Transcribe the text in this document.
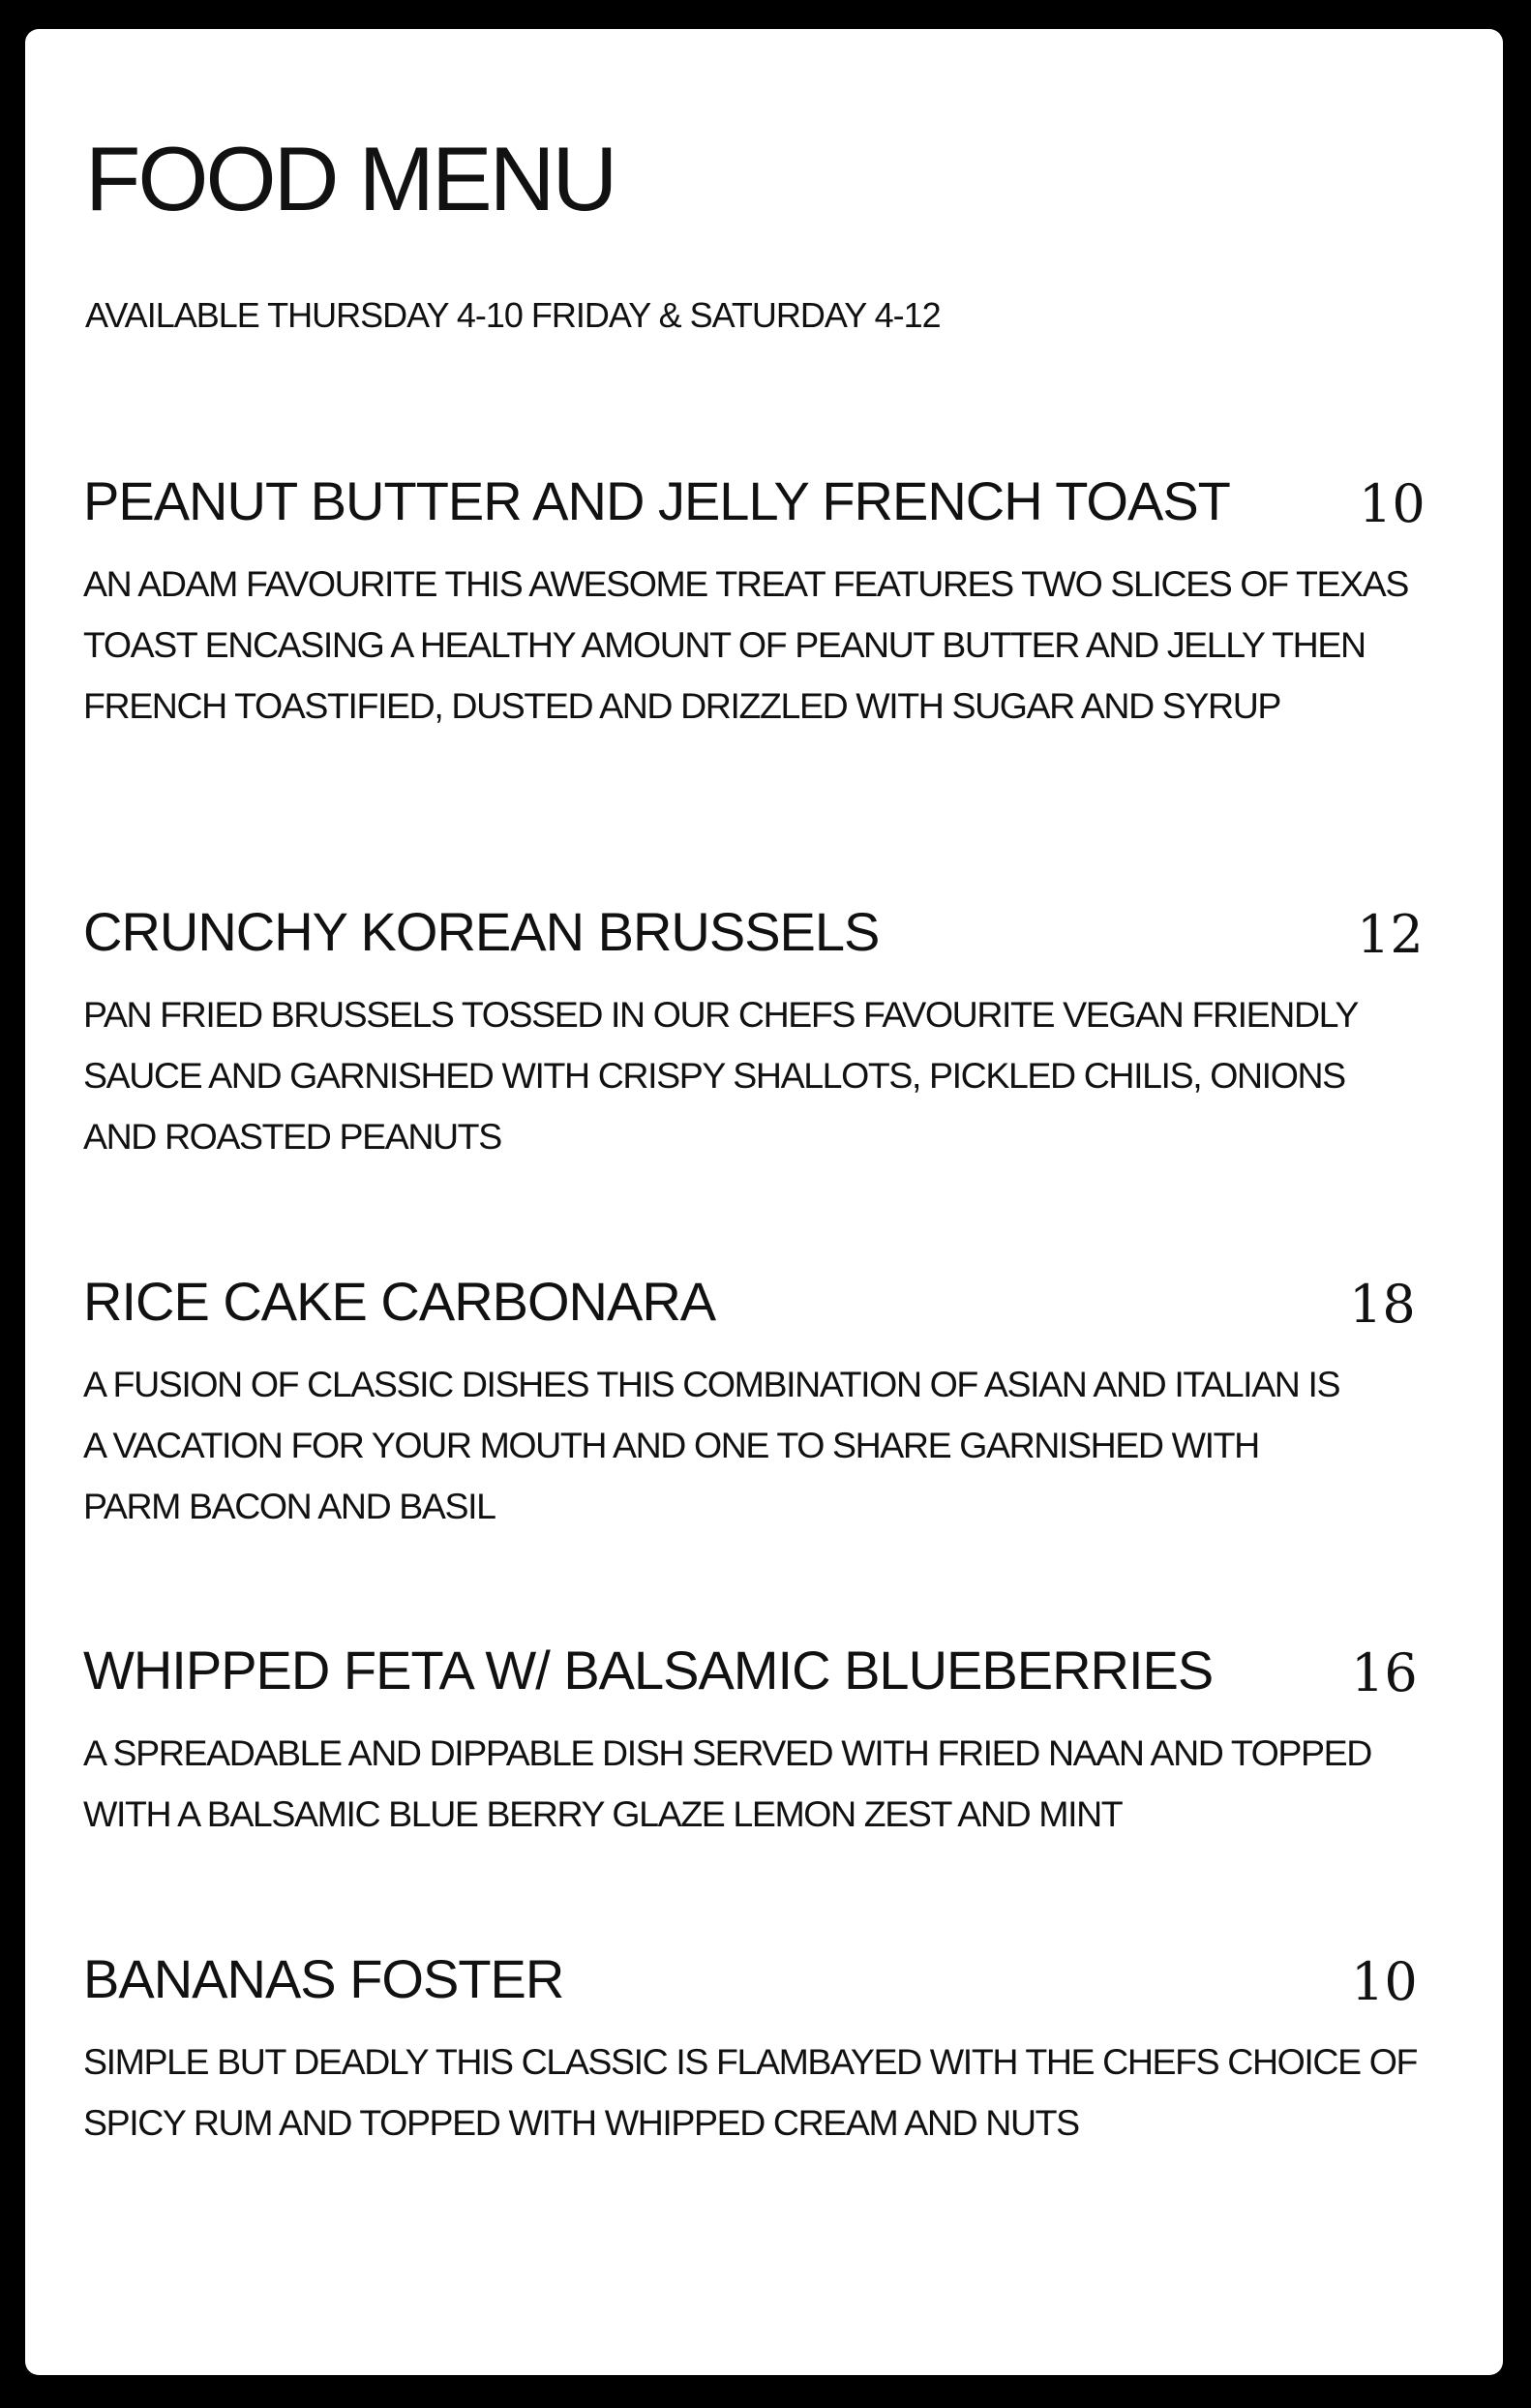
FOOD MENU
AVAILABLE THURSDAY 4-10 FRIDAY & SATURDAY 4-12
PEANUT BUTTER AND JELLY FRENCH TOAST 10
AN ADAM FAVOURITE THIS AWESOME TREAT FEATURES TWO SLICES OF TEXAS TOAST ENCASING A HEALTHY AMOUNT OF PEANUT BUTTER AND JELLY THEN FRENCH TOASTIFIED, DUSTED AND DRIZZLED WITH SUGAR AND SYRUP
CRUNCHY KOREAN BRUSSELS	12
PAN FRIED BRUSSELS TOSSED IN OUR CHEFS FAVOURITE VEGAN FRIENDLY SAUCE AND GARNISHED WITH CRISPY SHALLOTS, PICKLED CHILIS, ONIONS AND ROASTED PEANUTS
RICE CAKE CARBONARA	18
A FUSION OF CLASSIC DISHES THIS COMBINATION OF ASIAN AND ITALIAN IS A VACATION FOR YOUR MOUTH AND ONE TO SHARE GARNISHED WITH PARM BACON AND BASIL
WHIPPED FETA W/ BALSAMIC BLUEBERRIES	16
A SPREADABLE AND DIPPABLE DISH SERVED WITH FRIED NAAN AND TOPPED WITH A BALSAMIC BLUE BERRY GLAZE LEMON ZEST AND MINT
BANANAS FOSTER	10
SIMPLE BUT DEADLY THIS CLASSIC IS FLAMBAYED WITH THE CHEFS CHOICE OF SPICY RUM AND TOPPED WITH WHIPPED CREAM AND NUTS
